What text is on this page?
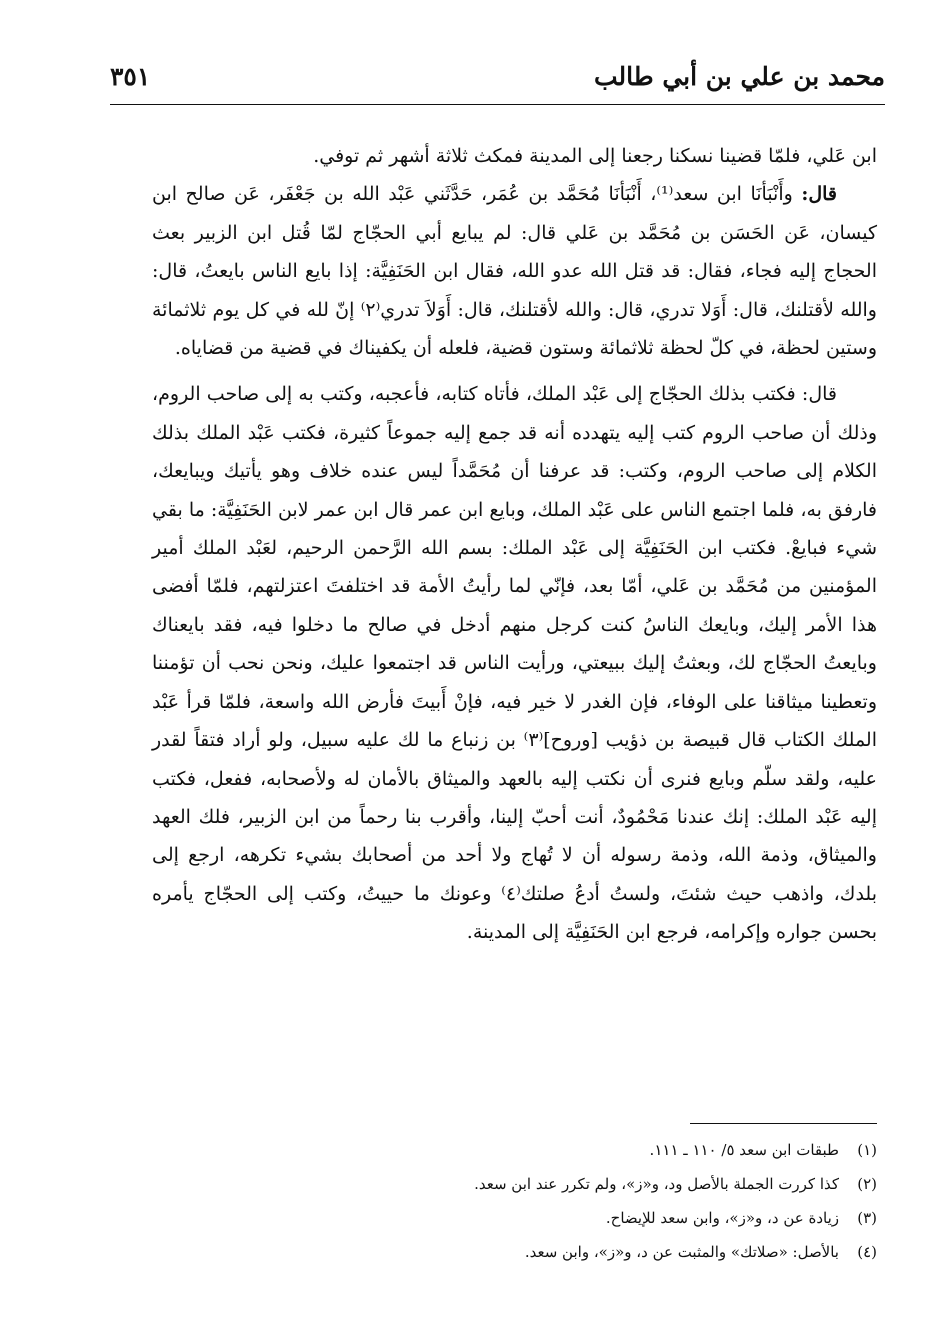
محمد بن علي بن أبي طالب
٣٥١

ابن عَلي، فلمّا قضينا نسكنا رجعنا إلى المدينة فمكث ثلاثة أشهر ثم توفي.

قال: وأَنْبَأنَا ابن سعد⁽¹⁾، أَنْبَأنَا مُحَمَّد بن عُمَر، حَدَّثَني عَبْد الله بن جَعْفَر، عَن صالح ابن كيسان، عَن الحَسَن بن مُحَمَّد بن عَلي قال: لم يبايع أبي الحجّاج لمّا قُتل ابن الزبير بعث الحجاج إليه فجاء، فقال: قد قتل الله عدو الله، فقال ابن الحَنَفِيَّة: إذا بايع الناس بايعتُ، قال: والله لأقتلنك، قال: أَوَلا تدري، قال: والله لأقتلنك، قال: أَوَلاَ تدري⁽٢⁾ إنّ لله في كل يوم ثلاثمائة وستين لحظة، في كلّ لحظة ثلاثمائة وستون قضية، فلعله أن يكفيناك في قضية من قضاياه.

قال: فكتب بذلك الحجّاج إلى عَبْد الملك، فأتاه كتابه، فأعجبه، وكتب به إلى صاحب الروم، وذلك أن صاحب الروم كتب إليه يتهدده أنه قد جمع إليه جموعاً كثيرة، فكتب عَبْد الملك بذلك الكلام إلى صاحب الروم، وكتب: قد عرفنا أن مُحَمَّداً ليس عنده خلاف وهو يأتيك ويبايعك، فارفق به، فلما اجتمع الناس على عَبْد الملك، وبايع ابن عمر قال ابن عمر لابن الحَنَفِيَّة: ما بقي شيء فبايعْ. فكتب ابن الحَنَفِيَّة إلى عَبْد الملك: بسم الله الرَّحمن الرحيم، لعَبْد الملك أمير المؤمنين من مُحَمَّد بن عَلي، أمّا بعد، فإنّي لما رأيتُ الأمة قد اختلفتَ اعتزلتهم، فلمّا أفضى هذا الأمر إليك، وبايعك الناسُ كنت كرجل منهم أدخل في صالح ما دخلوا فيه، فقد بايعناك وبايعتُ الحجّاج لك، وبعثتُ إليك ببيعتي، ورأيت الناس قد اجتمعوا عليك، ونحن نحب أن تؤمننا وتعطينا ميثاقنا على الوفاء، فإن الغدر لا خير فيه، فإنْ أَبيتَ فأرض الله واسعة، فلمّا قرأ عَبْد الملك الكتاب قال قبيصة بن ذؤيب [وروح]⁽٣⁾ بن زنباع ما لك عليه سبيل، ولو أراد فتقاً لقدر عليه، ولقد سلّم وبايع فنرى أن نكتب إليه بالعهد والميثاق بالأمان له ولأصحابه، ففعل، فكتب إليه عَبْد الملك: إنك عندنا مَحْمُودٌ، أنت أحبّ إلينا، وأقرب بنا رحماً من ابن الزبير، فلك العهد والميثاق، وذمة الله، وذمة رسوله أن لا تُهاج ولا أحد من أصحابك بشيء تكرهه، ارجع إلى بلدك، واذهب حيث شئتَ، ولستُ أدعُ صلتك⁽٤⁾ وعونك ما حييتُ، وكتب إلى الحجّاج يأمره بحسن جواره وإكرامه، فرجع ابن الحَنَفِيَّة إلى المدينة.

(١)
طبقات ابن سعد ٥/ ١١٠ ـ ١١١.
(٢)
كذا كررت الجملة بالأصل ود، و«ز»، ولم تكرر عند ابن سعد.
(٣)
زيادة عن د، و«ز»، وابن سعد للإيضاح.
(٤)
بالأصل: «صلاتك» والمثبت عن د، و«ز»، وابن سعد.
